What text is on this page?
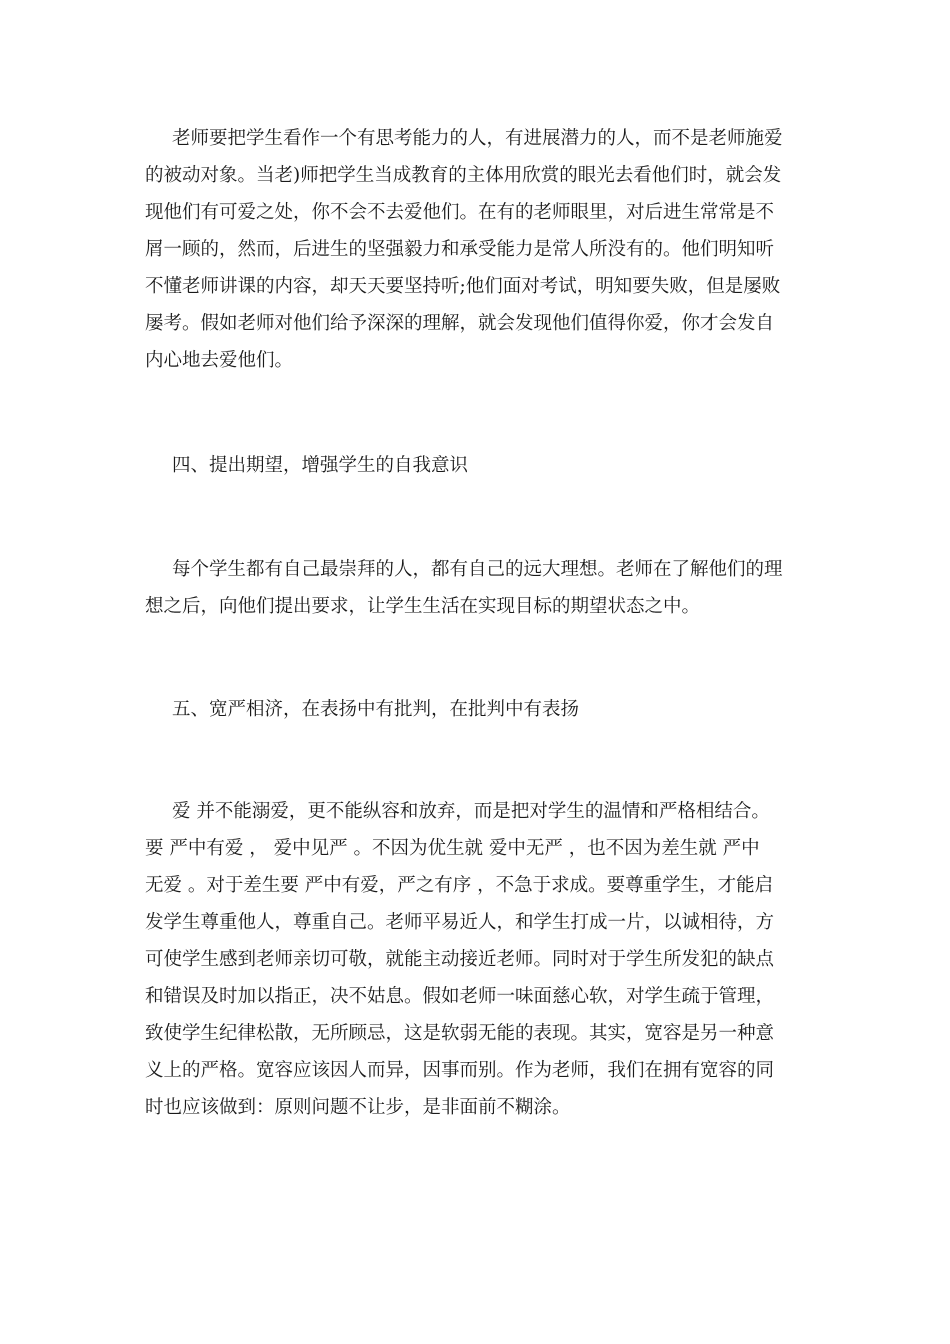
老师要把学生看作一个有思考能力的人，有进展潜力的人，而不是老师施爱
的被动对象。当老)师把学生当成教育的主体用欣赏的眼光去看他们时，就会发
现他们有可爱之处，你不会不去爱他们。在有的老师眼里，对后进生常常是不
屑一顾的，然而，后进生的坚强毅力和承受能力是常人所没有的。他们明知听
不懂老师讲课的内容，却天天要坚持听;他们面对考试，明知要失败，但是屡败
屡考。假如老师对他们给予深深的理解，就会发现他们值得你爱，你才会发自
内心地去爱他们。
四、提出期望，增强学生的自我意识
每个学生都有自己最崇拜的人，都有自己的远大理想。老师在了解他们的理
想之后，向他们提出要求，让学生生活在实现目标的期望状态之中。
五、宽严相济，在表扬中有批判，在批判中有表扬
爱 并不能溺爱，更不能纵容和放弃，而是把对学生的温情和严格相结合。
要 严中有爱 ， 爱中见严 。不因为优生就 爱中无严 ，也不因为差生就 严中
无爱 。对于差生要 严中有爱，严之有序 ，不急于求成。要尊重学生，才能启
发学生尊重他人，尊重自己。老师平易近人，和学生打成一片，以诚相待，方
可使学生感到老师亲切可敬，就能主动接近老师。同时对于学生所发犯的缺点
和错误及时加以指正，决不姑息。假如老师一味面慈心软，对学生疏于管理，
致使学生纪律松散，无所顾忌，这是软弱无能的表现。其实，宽容是另一种意
义上的严格。宽容应该因人而异，因事而别。作为老师，我们在拥有宽容的同
时也应该做到：原则问题不让步，是非面前不糊涂。
